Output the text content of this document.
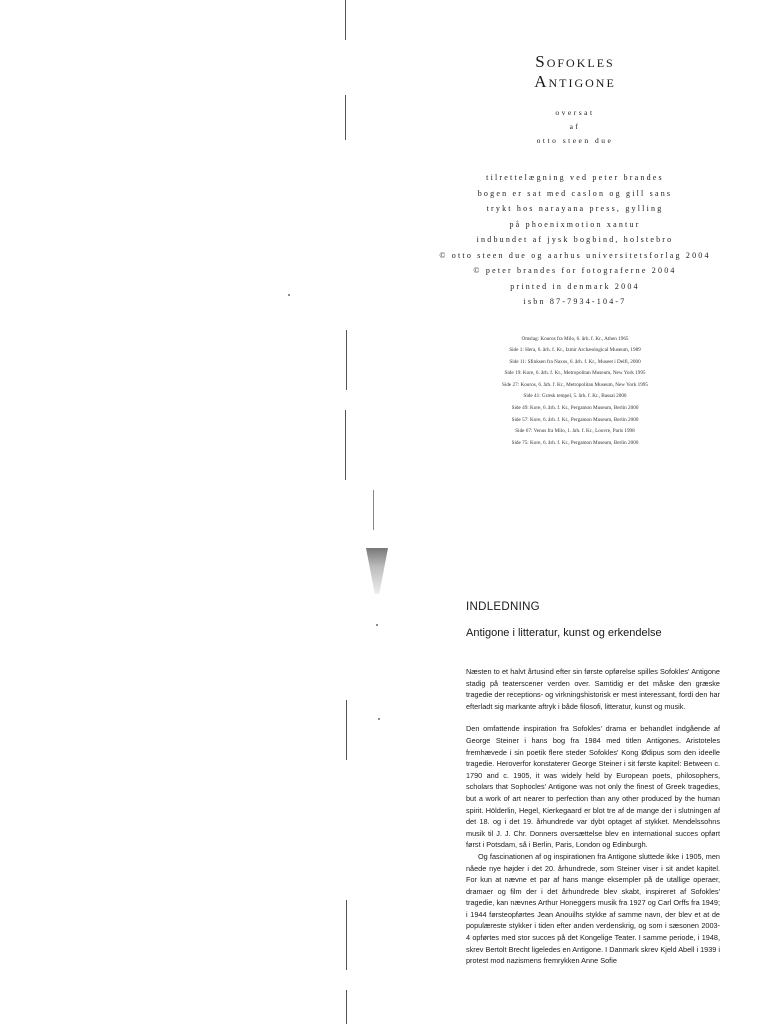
Sofokles
Antigone
oversat
af
otto steen due
tilrettelægning ved peter brandes
bogen er sat med caslon og gill sans
trykt hos narayana press, gylling
på phoenixmotion xantur
indbundet af jysk bogbind, holstebro
© otto steen due og aarhus universitetsforlag 2004
© peter brandes for fotograferne 2004
printed in denmark 2004
isbn 87-7934-104-7
Omslag: Kouros fra Milo, 6. årh. f. Kr., Athen 1965
Side 1: Hera, 6. årh. f. Kr., Izmir Archæological Museum, 1989
Side 11: Sfinksen fra Naxos, 6. årh. f. Kr., Museet i Delfi, 2000
Side 19: Kore, 6. årh. f. Kr., Metropolitan Museum, New York 1995
Side 27: Kouros, 6. årh. f. Kr., Metropolitan Museum, New York 1995
Side 41: Græsk tempel, 5. årh. f. Kr., Bassai 2000
Side 49: Kore, 6. årh. f. Kr., Pergamon Museum, Berlin 2000
Side 57: Kore, 6. årh. f. Kr., Pergamon Museum, Berlin 2000
Side 67: Venus fra Milo, 1. årh. f. Kr., Louvre, Paris 1998
Side 75: Kore, 6. årh. f. Kr., Pergamon Museum, Berlin 2000
INDLEDNING
Antigone i litteratur, kunst og erkendelse

Næsten to et halvt årtusind efter sin første opførelse spilles Sofokles' Antigone stadig på teaterscener verden over. Samtidig er det måske den græske tragedie der receptions- og virkningshistorisk er mest interessant, fordi den har efterladt sig markante aftryk i både filosofi, litteratur, kunst og musik.

Den omfattende inspiration fra Sofokles' drama er behandlet indgående af George Steiner i hans bog fra 1984 med titlen Antigones. Aristoteles fremhævede i sin poetik flere steder Sofokles' Kong Ødipus som den ideelle tragedie. Heroverfor konstaterer George Steiner i sit første kapitel: Between c. 1790 and c. 1905, it was widely held by European poets, philosophers, scholars that Sophocles' Antigone was not only the finest of Greek tragedies, but a work of art nearer to perfection than any other produced by the human spirit. Hölderlin, Hegel, Kierkegaard er blot tre af de mange der i slutningen af det 18. og i det 19. århundrede var dybt optaget af stykket. Mendelssohns musik til J. J. Chr. Donners oversættelse blev en international succes opført først i Potsdam, så i Berlin, Paris, London og Edinburgh.

Og fascinationen af og inspirationen fra Antigone sluttede ikke i 1905, men nåede nye højder i det 20. århundrede, som Steiner viser i sit andet kapitel. For kun at nævne et par af hans mange eksempler på de utallige operaer, dramaer og film der i det århundrede blev skabt, inspireret af Sofokles' tragedie, kan nævnes Arthur Honeggers musik fra 1927 og Carl Orffs fra 1949; i 1944 førsteopførtes Jean Anouilhs stykke af samme navn, der blev et at de populæreste stykker i tiden efter anden verdenskrig, og som i sæsonen 2003-4 opførtes med stor succes på det Kongelige Teater. I samme periode, i 1948, skrev Bertolt Brecht ligeledes en Antigone. I Danmark skrev Kjeld Abell i 1939 i protest mod nazismens fremrykken Anne Sofie
